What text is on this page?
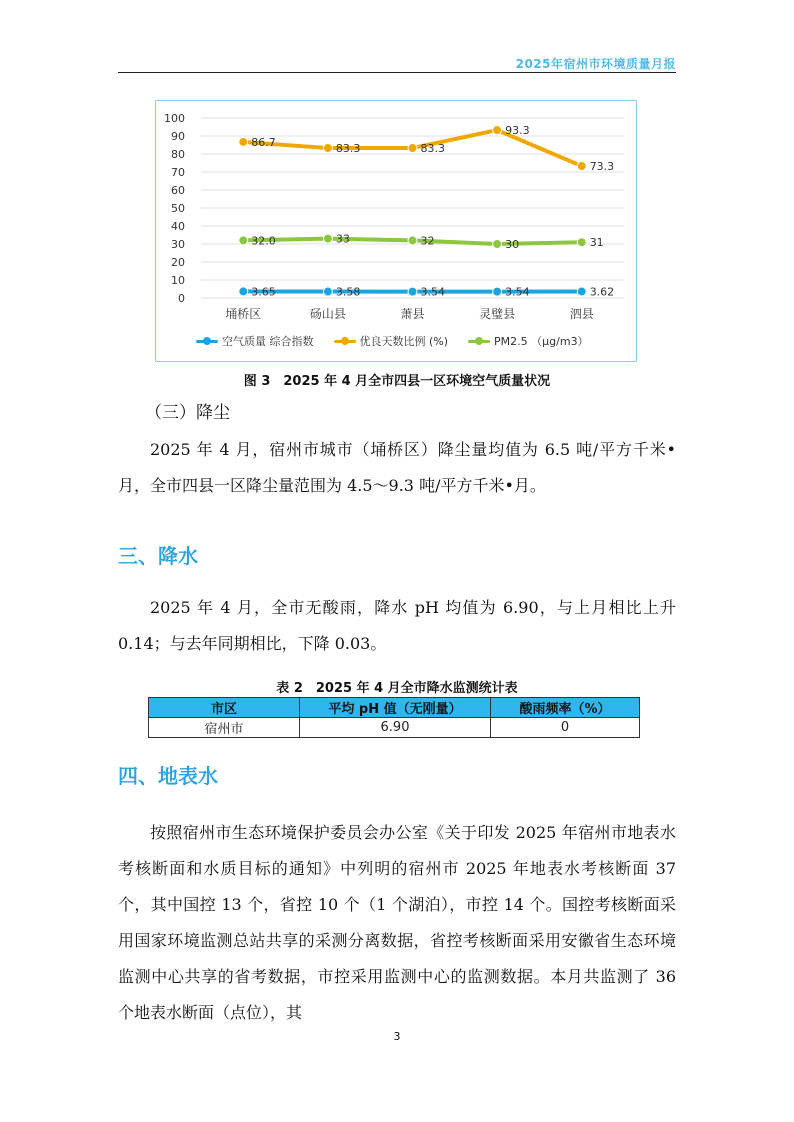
2025年宿州市环境质量月报
0
10
20
30
40
50
60
70
80
90
100
埇桥区	砀山县	萧县	灵璧县	泗县
3.65	3.58	3.54	3.54	3.62
86.7	83.3	83.3
93.3
73.3
32.0	33	32	30	31
空气质量 综合指数	优良天数比例 (%)	PM2.5 （μg/m3）
图 3　2025 年 4 月全市四县一区环境空气质量状况
（三）降尘

2025 年 4 月，宿州市城市（埇桥区）降尘量均值为 6.5 吨/平方千米•月，全市四县一区降尘量范围为 4.5～9.3 吨/平方千米•月。

三、降水

2025 年 4 月，全市无酸雨，降水 pH 均值为 6.90，与上月相比上升 0.14；与去年同期相比，下降 0.03。

表 2　2025 年 4 月全市降水监测统计表
市区	平均 pH 值（无刚量）	酸雨频率（%）
宿州市	6.90	0
四、地表水

按照宿州市生态环境保护委员会办公室《关于印发 2025 年宿州市地表水考核断面和水质目标的通知》中列明的宿州市 2025 年地表水考核断面 37 个，其中国控 13 个，省控 10 个（1 个湖泊），市控 14 个。国控考核断面采用国家环境监测总站共享的采测分离数据，省控考核断面采用安徽省生态环境监测中心共享的省考数据，市控采用监测中心的监测数据。本月共监测了 36 个地表水断面（点位），其

3
